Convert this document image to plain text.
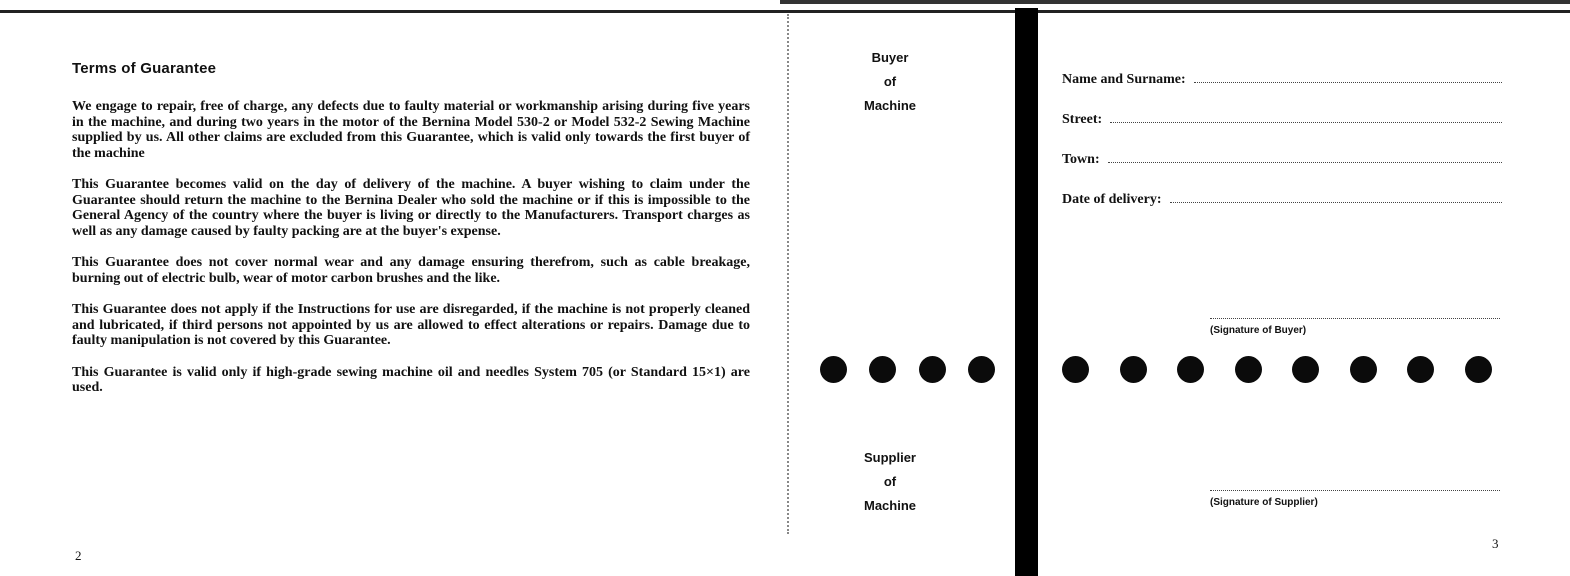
Terms of Guarantee

We engage to repair, free of charge, any defects due to faulty material or workmanship arising during five years in the machine, and during two years in the motor of the Bernina Model 530-2 or Model 532-2 Sewing Machine supplied by us. All other claims are excluded from this Guarantee, which is valid only towards the first buyer of the machine

This Guarantee becomes valid on the day of delivery of the machine. A buyer wishing to claim under the Guarantee should return the machine to the Bernina Dealer who sold the machine or if this is impossible to the General Agency of the country where the buyer is living or directly to the Manufacturers. Transport charges as well as any damage caused by faulty packing are at the buyer's expense.

This Guarantee does not cover normal wear and any damage ensuring therefrom, such as cable breakage, burning out of electric bulb, wear of motor carbon brushes and the like.

This Guarantee does not apply if the Instructions for use are disregarded, if the machine is not properly cleaned and lubricated, if third persons not appointed by us are allowed to effect alterations or repairs. Damage due to faulty manipulation is not covered by this Guarantee.

This Guarantee is valid only if high-grade sewing machine oil and needles System 705 (or Standard 15×1) are used.

2
Buyer
of
Machine
Supplier
of
Machine
Name and Surname:
Street:
Town:
Date of delivery:
(Signature of Buyer)
(Signature of Supplier)
3
